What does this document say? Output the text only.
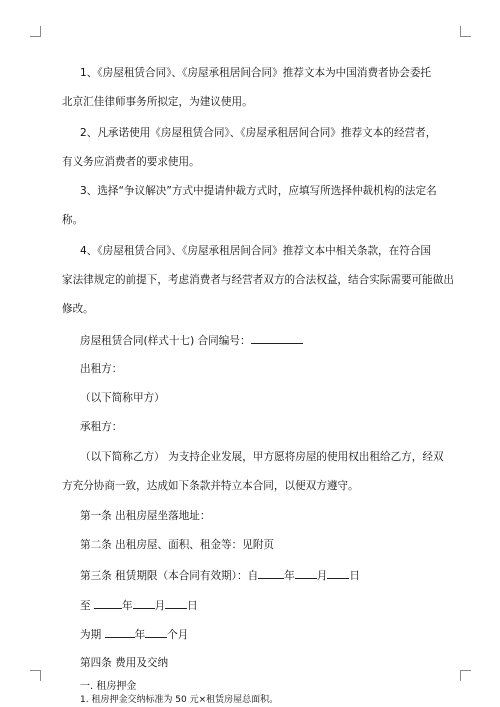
1、《房屋租赁合同》、《房屋承租居间合同》推荐文本为中国消费者协会委托
北京汇佳律师事务所拟定，为建议使用。
2、凡承诺使用《房屋租赁合同》、《房屋承租居间合同》推荐文本的经营者，
有义务应消费者的要求使用。
3、选择“争议解决”方式中提请仲裁方式时，应填写所选择仲裁机构的法定名
称。
4、《房屋租赁合同》、《房屋承租居间合同》推荐文本中相关条款，在符合国
家法律规定的前提下，考虑消费者与经营者双方的合法权益，结合实际需要可能做出
修改。
房屋租赁合同(样式十七) 合同编号：
出租方：
（以下简称甲方）
承租方：
（以下简称乙方） 为支持企业发展，甲方愿将房屋的使用权出租给乙方，经双
方充分协商一致，达成如下条款并特立本合同，以便双方遵守。
第一条 出租房屋坐落地址：
第二条 出租房屋、面积、租金等：见附页
第三条 租赁期限（本合同有效期）：自 年 月 日
至	年 月 日
为期	年 个月
第四条 费用及交纳
一. 租房押金
1. 租房押金交纳标准为 50 元×租赁房屋总面积。
